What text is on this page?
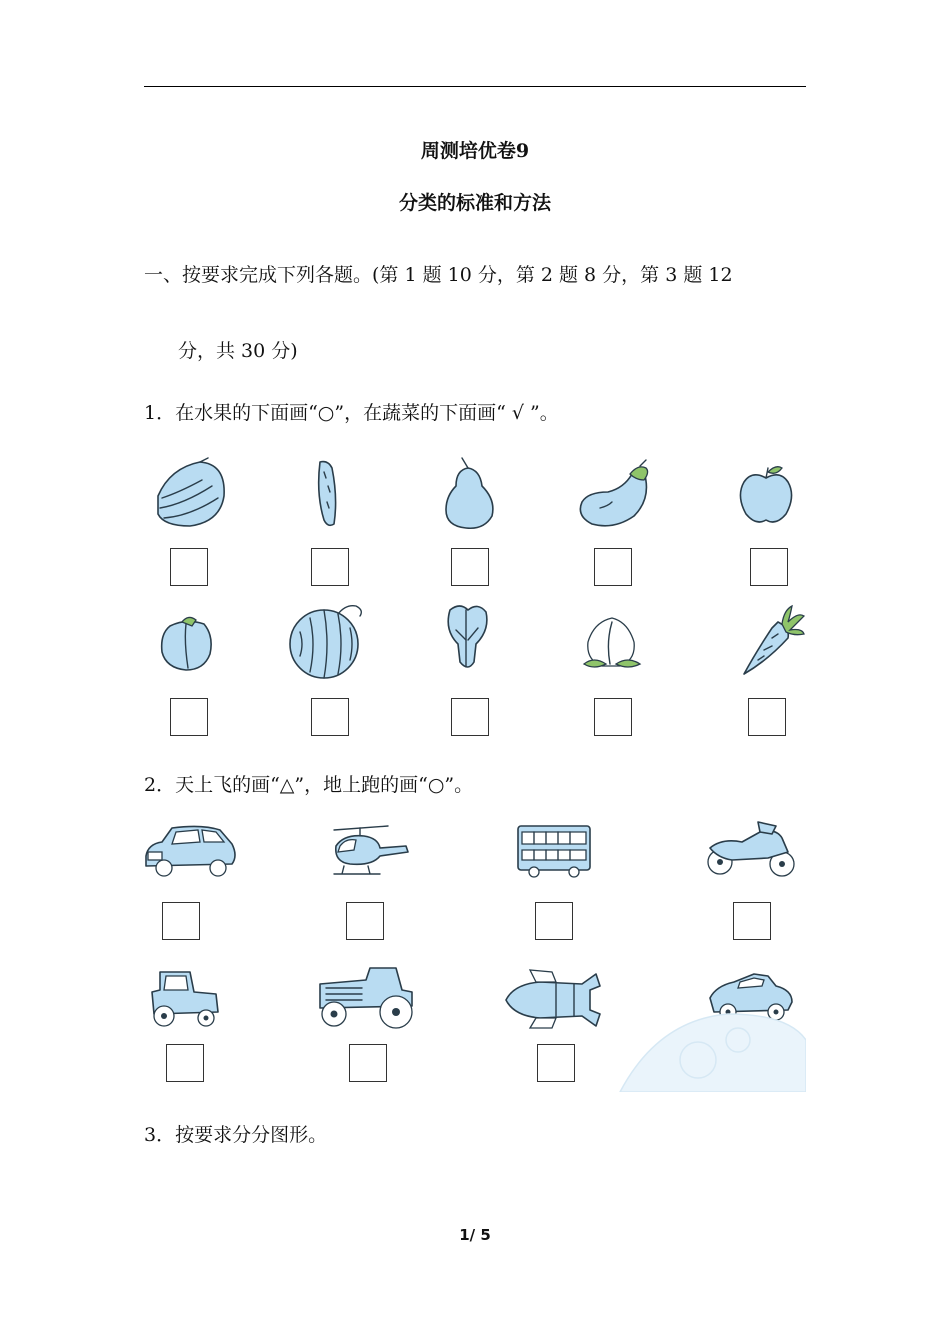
周测培优卷9
分类的标准和方法
一、按要求完成下列各题。(第 1 题 10 分，第 2 题 8 分，第 3 题 12
分，共 30 分)
1．在水果的下面画“○”，在蔬菜的下面画“ √ ”。
2．天上飞的画“△”，地上跑的画“○”。
3．按要求分分图形。
1/ 5
